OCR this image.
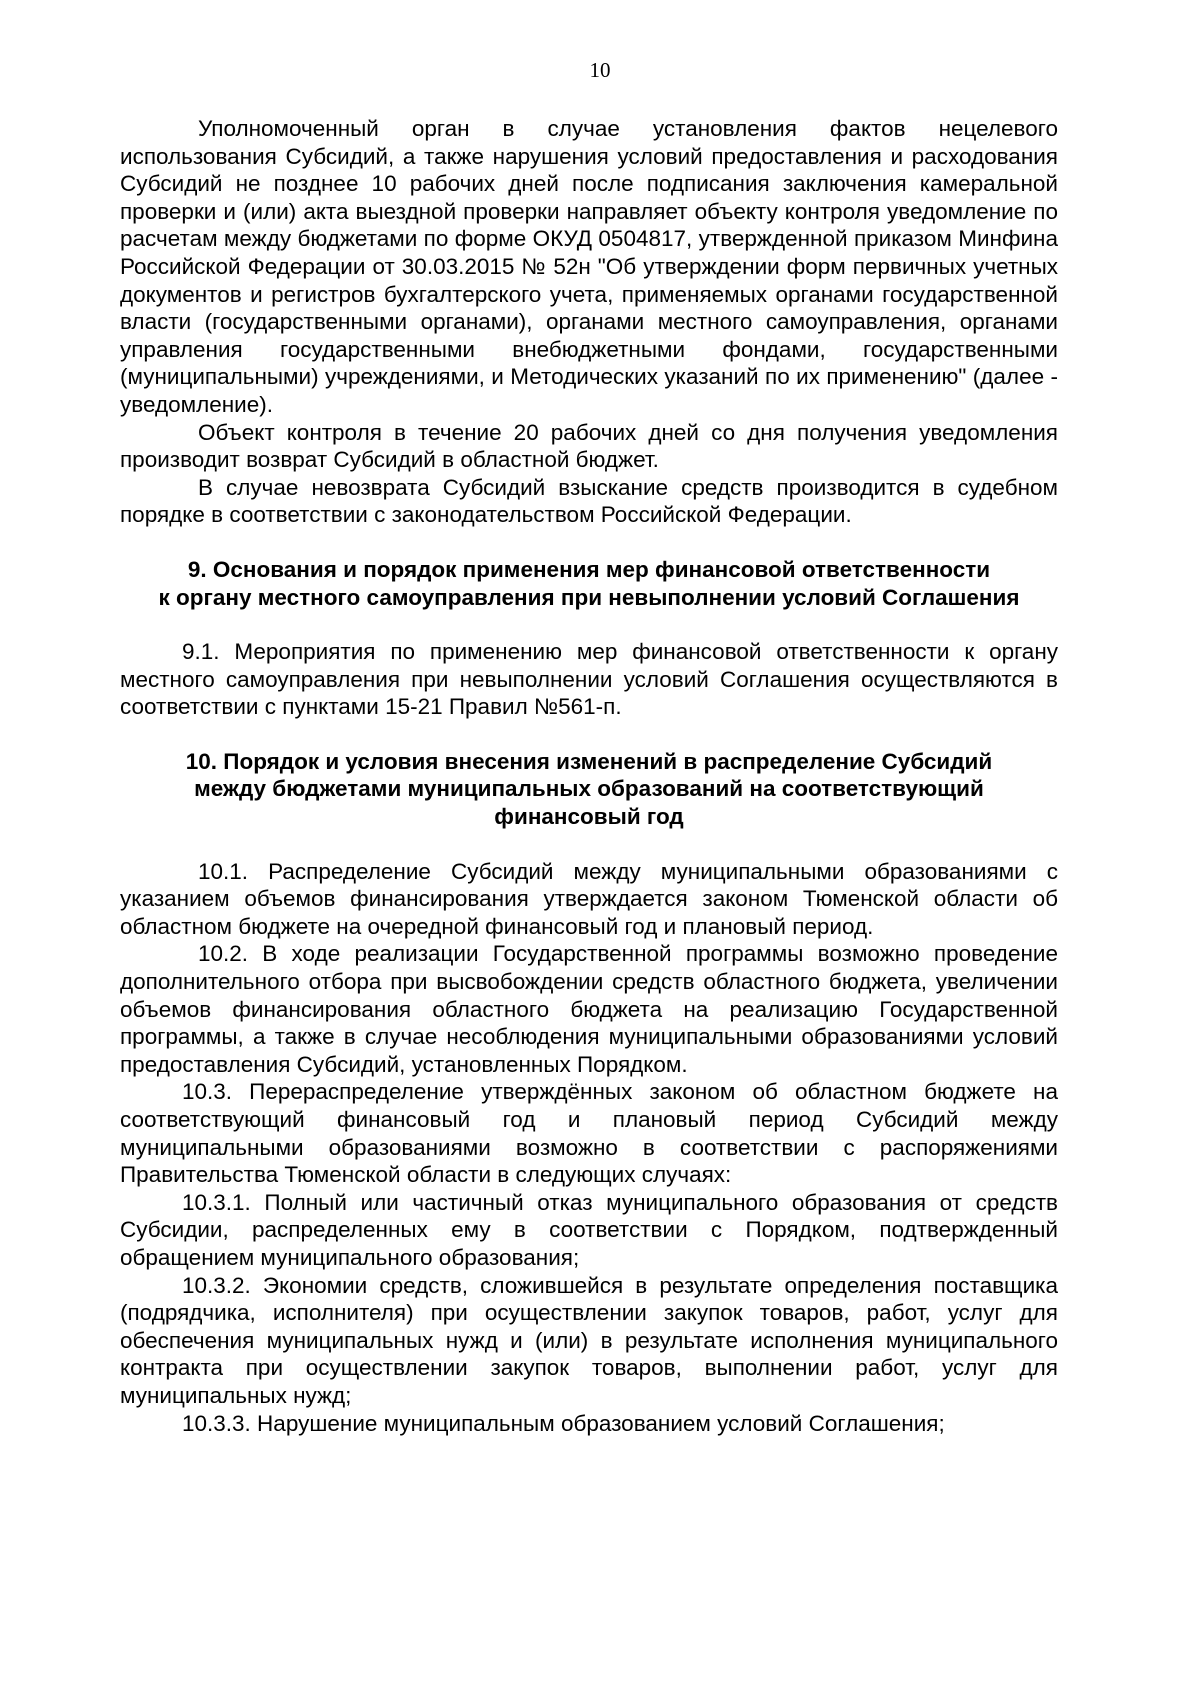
10

Уполномоченный орган в случае установления фактов нецелевого использования Субсидий, а также нарушения условий предоставления и расходования Субсидий не позднее 10 рабочих дней после подписания заключения камеральной проверки и (или) акта выездной проверки направляет объекту контроля уведомление по расчетам между бюджетами по форме ОКУД 0504817, утвержденной приказом Минфина Российской Федерации от 30.03.2015 № 52н "Об утверждении форм первичных учетных документов и регистров бухгалтерского учета, применяемых органами государственной власти (государственными органами), органами местного самоуправления, органами управления государственными внебюджетными фондами, государственными (муниципальными) учреждениями, и Методических указаний по их применению" (далее - уведомление).

Объект контроля в течение 20 рабочих дней со дня получения уведомления производит возврат Субсидий в областной бюджет.

В случае невозврата Субсидий взыскание средств производится в судебном порядке в соответствии с законодательством Российской Федерации.

9. Основания и порядок применения мер финансовой ответственности

к органу местного самоуправления при невыполнении условий Соглашения

9.1. Мероприятия по применению мер финансовой ответственности к органу местного самоуправления при невыполнении условий Соглашения осуществляются в соответствии с пунктами 15-21 Правил №561-п.

10. Порядок и условия внесения изменений в распределение Субсидий

между бюджетами муниципальных образований на соответствующий

финансовый год

10.1. Распределение Субсидий между муниципальными образованиями с указанием объемов финансирования утверждается законом Тюменской области об областном бюджете на очередной финансовый год и плановый период.

10.2. В ходе реализации Государственной программы возможно проведение дополнительного отбора при высвобождении средств областного бюджета, увеличении объемов финансирования областного бюджета на реализацию Государственной программы, а также в случае несоблюдения муниципальными образованиями условий предоставления Субсидий, установленных Порядком.

10.3. Перераспределение утверждённых законом об областном бюджете на соответствующий финансовый год и плановый период Субсидий между муниципальными образованиями возможно в соответствии с распоряжениями Правительства Тюменской области в следующих случаях:

10.3.1. Полный или частичный отказ муниципального образования от средств Субсидии, распределенных ему в соответствии с Порядком, подтвержденный обращением муниципального образования;

10.3.2. Экономии средств, сложившейся в результате определения поставщика (подрядчика, исполнителя) при осуществлении закупок товаров, работ, услуг для обеспечения муниципальных нужд и (или) в результате исполнения муниципального контракта при осуществлении закупок товаров, выполнении работ, услуг для муниципальных нужд;

10.3.3. Нарушение муниципальным образованием условий Соглашения;
